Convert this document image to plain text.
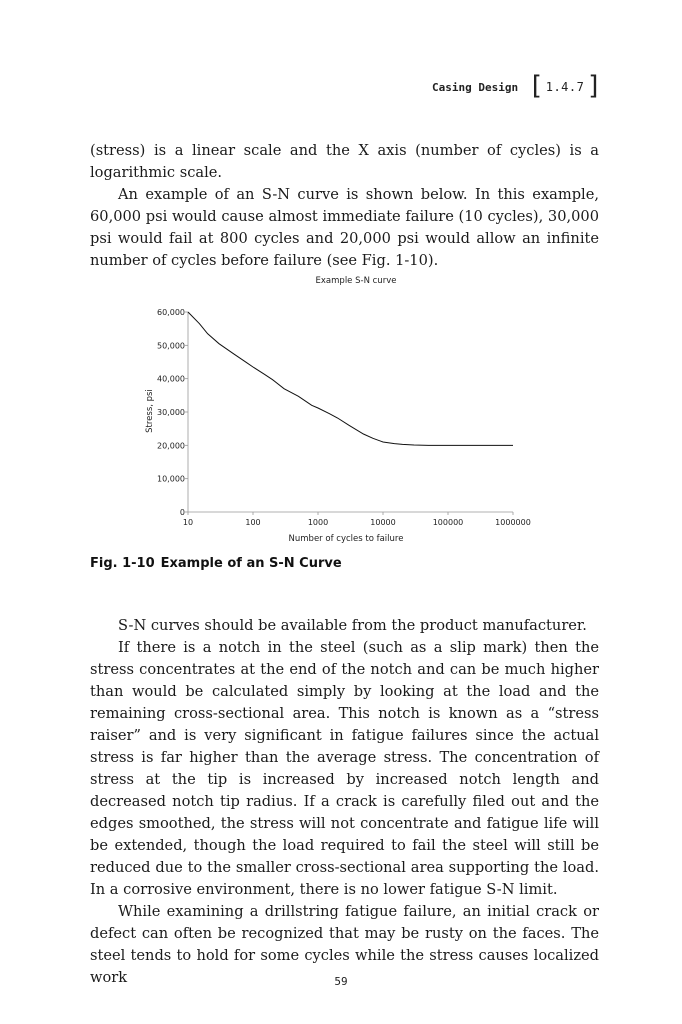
Casing Design [ 1.4.7 ]

(stress) is a linear scale and the X axis (number of cycles) is a logarithmic scale.

An example of an S-N curve is shown below. In this example, 60,000 psi would cause almost immediate failure (10 cycles), 30,000 psi would fail at 800 cycles and 20,000 psi would allow an infinite number of cycles before failure (see Fig. 1-10).

Example S-N curve
Stress, psi
Number of cycles to failure
0
10,000
20,000
30,000
40,000
50,000
60,000
10	100	1000	10000	100000	1000000
Fig. 1-10 Example of an S-N Curve

S-N curves should be available from the product manufacturer.

If there is a notch in the steel (such as a slip mark) then the stress concentrates at the end of the notch and can be much higher than would be calculated simply by looking at the load and the remaining cross-sectional area. This notch is known as a “stress raiser” and is very significant in fatigue failures since the actual stress is far higher than the average stress. The concentration of stress at the tip is increased by increased notch length and decreased notch tip radius. If a crack is carefully filed out and the edges smoothed, the stress will not concentrate and fatigue life will be extended, though the load required to fail the steel will still be reduced due to the smaller cross-sectional area supporting the load. In a corrosive environment, there is no lower fatigue S-N limit.

While examining a drillstring fatigue failure, an initial crack or defect can often be recognized that may be rusty on the faces. The steel tends to hold for some cycles while the stress causes localized work	59
